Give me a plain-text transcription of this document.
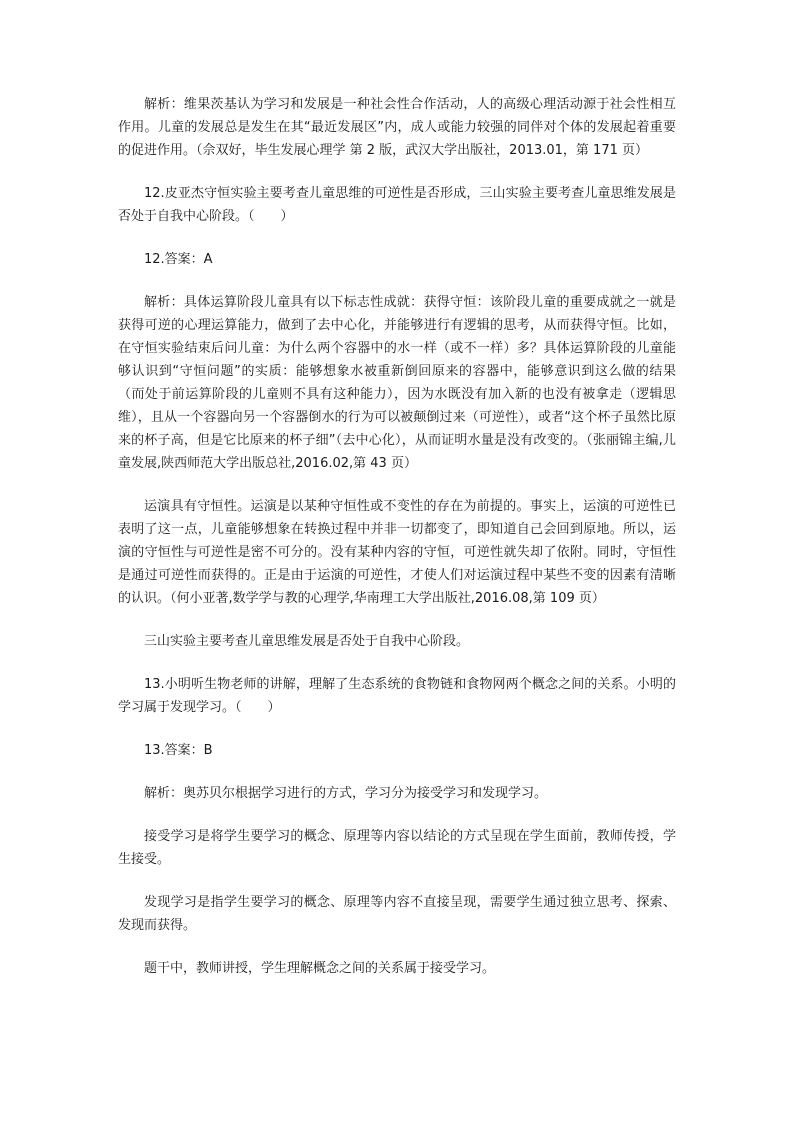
解析：维果茨基认为学习和发展是一种社会性合作活动，人的高级心理活动源于社会性相互作用。儿童的发展总是发生在其“最近发展区”内，成人或能力较强的同伴对个体的发展起着重要的促进作用。（佘双好，毕生发展心理学 第 2 版，武汉大学出版社，2013.01，第 171 页）

12.皮亚杰守恒实验主要考查儿童思维的可逆性是否形成，三山实验主要考查儿童思维发展是否处于自我中心阶段。（　　）

12.答案：A

解析：具体运算阶段儿童具有以下标志性成就：获得守恒：该阶段儿童的重要成就之一就是获得可逆的心理运算能力，做到了去中心化，并能够进行有逻辑的思考，从而获得守恒。比如，在守恒实验结束后问儿童：为什么两个容器中的水一样（或不一样）多？具体运算阶段的儿童能够认识到“守恒问题”的实质：能够想象水被重新倒回原来的容器中，能够意识到这么做的结果（而处于前运算阶段的儿童则不具有这种能力），因为水既没有加入新的也没有被拿走（逻辑思维），且从一个容器向另一个容器倒水的行为可以被颠倒过来（可逆性），或者“这个杯子虽然比原来的杯子高，但是它比原来的杯子细”（去中心化），从而证明水量是没有改变的。（张丽锦主编,儿童发展,陕西师范大学出版总社,2016.02,第 43 页）

运演具有守恒性。运演是以某种守恒性或不变性的存在为前提的。事实上，运演的可逆性已表明了这一点，儿童能够想象在转换过程中并非一切都变了，即知道自己会回到原地。所以，运演的守恒性与可逆性是密不可分的。没有某种内容的守恒，可逆性就失却了依附。同时，守恒性是通过可逆性而获得的。正是由于运演的可逆性，才使人们对运演过程中某些不变的因素有清晰的认识。（何小亚著,数学学与教的心理学,华南理工大学出版社,2016.08,第 109 页）

三山实验主要考查儿童思维发展是否处于自我中心阶段。

13.小明听生物老师的讲解，理解了生态系统的食物链和食物网两个概念之间的关系。小明的学习属于发现学习。（　　）

13.答案：B

解析：奥苏贝尔根据学习进行的方式，学习分为接受学习和发现学习。

接受学习是将学生要学习的概念、原理等内容以结论的方式呈现在学生面前，教师传授，学生接受。

发现学习是指学生要学习的概念、原理等内容不直接呈现，需要学生通过独立思考、探索、发现而获得。

题干中，教师讲授，学生理解概念之间的关系属于接受学习。
